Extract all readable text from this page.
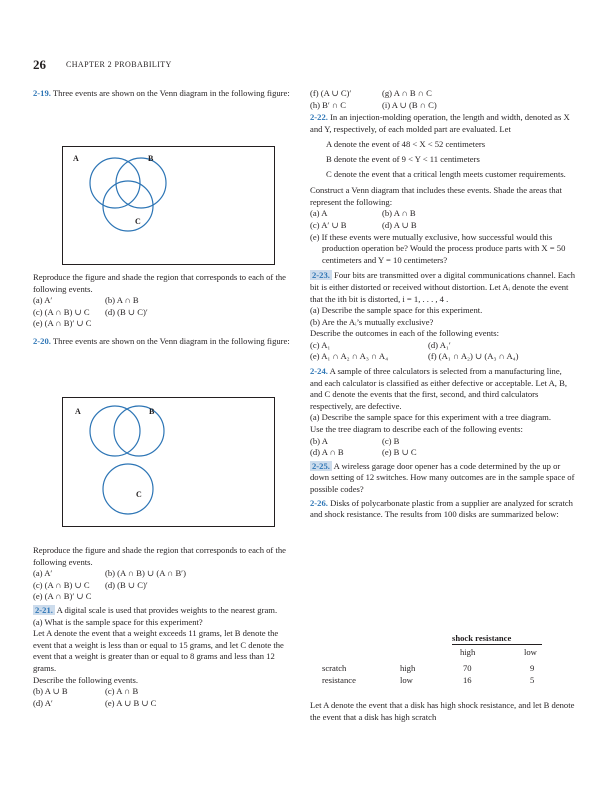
26	CHAPTER 2 PROBABILITY

2-19. Three events are shown on the Venn diagram in the following figure:

A	B
C

Reproduce the figure and shade the region that corresponds to each of the following events.

(a) A′	(b) A ∩ B
(c) (A ∩ B) ∪ C	(d) (B ∪ C)′

(e) (A ∩ B)′ ∪ C

2-20. Three events are shown on the Venn diagram in the following figure:

A	B
C

Reproduce the figure and shade the region that corresponds to each of the following events.

(a) A′	(b) (A ∩ B) ∪ (A ∩ B′)
(c) (A ∩ B) ∪ C	(d) (B ∪ C)′

(e) (A ∩ B)′ ∪ C

2-21. A digital scale is used that provides weights to the nearest gram.

(a) What is the sample space for this experiment?

Let A denote the event that a weight exceeds 11 grams, let B denote the event that a weight is less than or equal to 15 grams, and let C denote the event that a weight is greater than or equal to 8 grams and less than 12 grams.

Describe the following events.

(b) A ∪ B	(c) A ∩ B
(d) A′	(e) A ∪ B ∪ C
(f) (A ∪ C)′	(g) A ∩ B ∩ C
(h) B′ ∩ C	(i) A ∪ (B ∩ C)

2-22. In an injection-molding operation, the length and width, denoted as X and Y, respectively, of each molded part are evaluated. Let

A denote the event of 48 < X < 52 centimeters

B denote the event of 9 < Y < 11 centimeters

C denote the event that a critical length meets customer requirements.

Construct a Venn diagram that includes these events. Shade the areas that represent the following:

(a) A	(b) A ∩ B
(c) A′ ∪ B	(d) A ∪ B

(e) If these events were mutually exclusive, how successful would this production operation be? Would the process produce parts with X = 50 centimeters and Y = 10 centimeters?

2-23. Four bits are transmitted over a digital communications channel. Each bit is either distorted or received without distortion. Let Aᵢ denote the event that the ith bit is distorted, i = 1, . . . , 4 .

(a) Describe the sample space for this experiment.

(b) Are the Aᵢ’s mutually exclusive?

Describe the outcomes in each of the following events:

(c) A₁	(d) A₁′
(e) A₁ ∩ A₂ ∩ A₃ ∩ A₄	(f) (A₁ ∩ A₂) ∪ (A₃ ∩ A₄)

2-24. A sample of three calculators is selected from a manufacturing line, and each calculator is classified as either defective or acceptable. Let A, B, and C denote the events that the first, second, and third calculators respectively, are defective.

(a) Describe the sample space for this experiment with a tree diagram.

Use the tree diagram to describe each of the following events:

(b) A	(c) B
(d) A ∩ B	(e) B ∪ C

2-25. A wireless garage door opener has a code determined by the up or down setting of 12 switches. How many outcomes are in the sample space of possible codes?

2-26. Disks of polycarbonate plastic from a supplier are analyzed for scratch and shock resistance. The results from 100 disks are summarized below:

shock resistance
high	low
scratch	high	70	9
resistance	low	16	5

Let A denote the event that a disk has high shock resistance, and let B denote the event that a disk has high scratch
